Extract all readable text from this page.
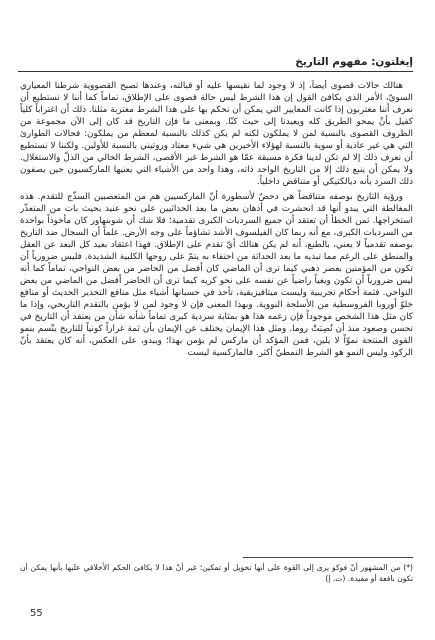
إيغلتون: مفهوم التاريخ

هنالك حالات قصوى أيضاً، إذ لا وجود لما نقيسها عليه أو قبالته، وعندها تصبح القصووية شرطنا المعياري السويّ، الأمر الذي يكافئ القول إن هذا الشرط ليس حالة قصوى على الإطلاق، تماماً كما أننا لا نستطيع أن نعرف أننا مغتربون إذا كانت المعايير التي يمكن أن نحكم بها على هذا الشرط مغتربة مثلنا. ذلك أن اغتراباً كلياً كفيل بأنْ يمحو الطريق كله ويعيدنا إلى حيث كنّا. وبمعنى ما فإن التاريخ قد كان إلى الآن مجموعة من الظروف القصوى بالنسبة لمن لا يملكون لكنه لم يكن كذلك بالنسبة لمعظم من يملكون: فحالات الطوارئ التي هي غير عادية أو سوية بالنسبة لهؤلاء الأخيرين هي شيء معتاد وروتيني بالنسبة للأولين. ولكننا لا نستطيع أن نعرف ذلك إلا لم تكن لدينا فكرة مسبقة عمّا هو الشرط غير الأقصى، الشرط الخالي من الذلّ والاستغلال. ولا يمكن أن ينبع ذلك إلا من التاريخ الواحد ذاته، وهذا واحد من الأشياء التي يعنيها الماركسيون حين يصفون ذلك السرد بأنه ديالكتيكي أو متناقض داخلياً.

ورؤية التاريخ بوصفه متناقضاً هي دحضٌ لأسطورة أنّ الماركسيين هم من المتعصبين السذّج للتقدم. هذه المغالطة التي يبدو أنها قد انحشرت في أذهان بعض ما بعد الحداثيين على نحو عنيد بحيث بات من المتعذّر استخراجها. ثمن الخطأ أن تعتقد أن جميع السرديات الكبرى تقدمية؛ فلا شك أن شوبنهاور كان مأخوذاً بواحدة من السرديات الكبرى، مع أنه ربما كان الفيلسوف الأشد تشاؤماً على وجه الأرض. علماً أن السجال ضد التاريخ بوصفه تقدمياً لا يعني، بالطبع، أنه لم يكن هنالك أيّ تقدم على الإطلاق. فهذا اعتقاد بعيد كل البعد عن العقل والمنطق على الرغم مما تبديه ما بعد الحداثة من احتفاء به يتمّ على روحها الكلبية الشديدة. فليس ضرورياً أن تكون من المؤمنين بعصر ذهبي كيما ترى أن الماضي كان أفضل من الحاضر من بعض النواحي، تماماً كما أنه ليس ضرورياً أن تكون ويغياً راضياً عن نفسه على نحو كريه كيما ترى أن الحاضر أفضل من الماضي من بعض النواحي. فثمة أحكام تجريبية وليست ميتافيزيقية، تأخذ في حسبانها أشياء مثل منافع التخدير الحديث أو منافع خلوّ أوروبا الفروسطية من الأسلحة النووية. وبهذا المعنى فإن لا وجود لمن لا يؤمن بالتقدم التاريخي، وإذا ما كان مثل هذا الشخص موجوداً فإن زعمه هذا هو بمثابة سردية كبرى تماماً شأنه شأن من يعتقد أن التاريخ في تحسن وصعود منذ أن نُصِبَتْ روما. ومثل هذا الإيمان يختلف عن الإيمان بأن ثمة غراراً كونياً للتاريخ يتّسم بنمو القوى المنتجة نموّاً لا يلين، فمن المؤكد أن ماركس لم يؤمن بهذا؛ ويبدو، على العكس، أنه كان يعتقد بأنّ الركود وليس النمو هو الشرط النمطيّ أكثر. فالماركسية ليست

(*) من المشهور أنّ فوكو يرى إلى القوة على أنها تخويل أو تمكين؛ غير أنّ هذا لا يكافئ الحكم الأخلاقي عليها بأنها يمكن أن تكون نافعة أو مفيدة. (ت. إ)

55
